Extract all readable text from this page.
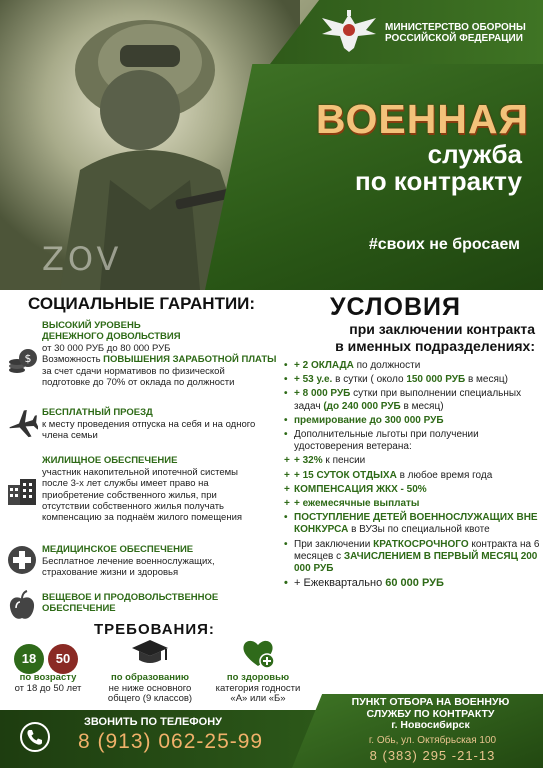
ZOV
МИНИСТЕРСТВО ОБОРОНЫ
РОССИЙСКОЙ ФЕДЕРАЦИИ
ВОЕННАЯ
служба
по контракту
#своих не бросаем
СОЦИАЛЬНЫЕ ГАРАНТИИ:
$
ВЫСОКИЙ УРОВЕНЬ
ДЕНЕЖНОГО ДОВОЛЬСТВИЯ
от 30 000 РУБ до 80 000 РУБ
Возможность ПОВЫШЕНИЯ ЗАРАБОТНОЙ ПЛАТЫ
за счет сдачи нормативов по физической
подготовке до 70% от оклада по должности
БЕСПЛАТНЫЙ ПРОЕЗД
к месту проведения отпуска на себя и на одного
члена семьи
ЖИЛИЩНОЕ ОБЕСПЕЧЕНИЕ
участник накопительной ипотечной системы
после 3-х лет службы имеет право на
приобретение собственного жилья, при
отсутствии собственного жилья получать
компенсацию за поднаём жилого помещения
МЕДИЦИНСКОЕ ОБЕСПЕЧЕНИЕ
Бесплатное лечение военнослужащих,
страхование жизни и здоровья
ВЕЩЕВОЕ И ПРОДОВОЛЬСТВЕННОЕ
ОБЕСПЕЧЕНИЕ
УСЛОВИЯ
при заключении контракта
в именных подразделениях:
• + 2 ОКЛАДА по должности
• + 53 у.е. в сутки ( около 150 000 РУБ в месяц)
• + 8 000 РУБ сутки при выполнении специальных задач (до 240 000 РУБ в месяц)
• премирование до 300 000 РУБ
• Дополнительные льготы при получении удостоверения ветерана:
+ + 32% к пенсии
+ + 15 СУТОК ОТДЫХА в любое время года
+ КОМПЕНСАЦИЯ ЖКХ - 50%
+ + ежемесячные выплаты
• ПОСТУПЛЕНИЕ ДЕТЕЙ ВОЕННОСЛУЖАЩИХ ВНЕ КОНКУРСА в ВУЗы по специальной квоте
• При заключении КРАТКОСРОЧНОГО контракта на 6 месяцев с ЗАЧИСЛЕНИЕМ В ПЕРВЫЙ МЕСЯЦ 200 000 РУБ
• + Ежеквартально 60 000 РУБ
ТРЕБОВАНИЯ:
18	50
по возрасту
от 18 до 50 лет
по образованию
не ниже основного
общего (9 классов)
по здоровью
категория годности
«А» или «Б»
ЗВОНИТЬ ПО ТЕЛЕФОНУ
8 (913) 062-25-99
ПУНКТ ОТБОРА НА ВОЕННУЮ
СЛУЖБУ ПО КОНТРАКТУ
г. Новосибирск
г. Обь, ул. Октябрьская 100
8 (383) 295 -21-13
